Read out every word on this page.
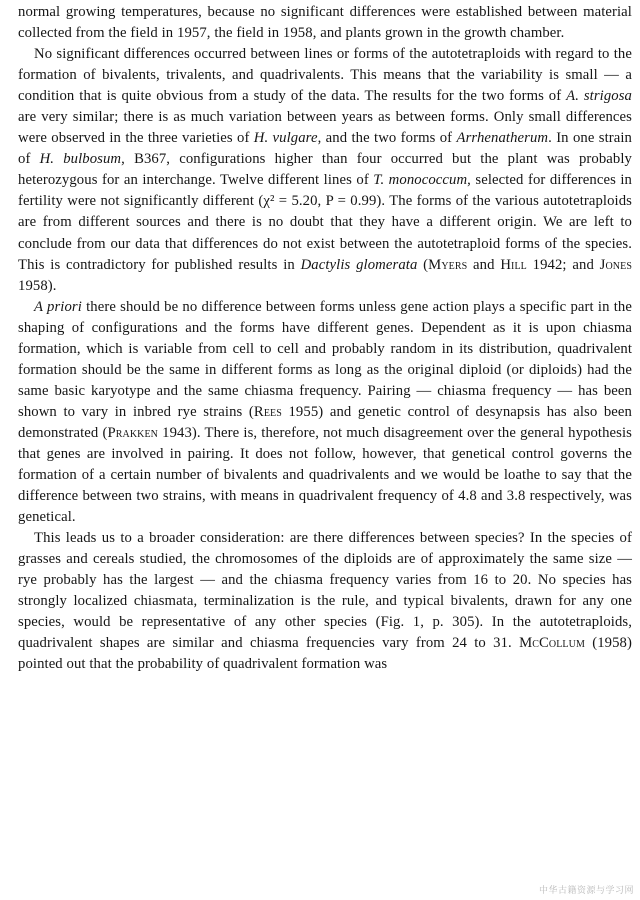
normal growing temperatures, because no significant differences were established between material collected from the field in 1957, the field in 1958, and plants grown in the growth chamber.

No significant differences occurred between lines or forms of the autotetraploids with regard to the formation of bivalents, trivalents, and quadrivalents. This means that the variability is small — a condition that is quite obvious from a study of the data. The results for the two forms of A. strigosa are very similar; there is as much variation between years as between forms. Only small differences were observed in the three varieties of H. vulgare, and the two forms of Arrhenatherum. In one strain of H. bulbosum, B367, configurations higher than four occurred but the plant was probably heterozygous for an interchange. Twelve different lines of T. monococcum, selected for differences in fertility were not significantly different (χ² = 5.20, P = 0.99). The forms of the various autotetraploids are from different sources and there is no doubt that they have a different origin. We are left to conclude from our data that differences do not exist between the autotetraploid forms of the species. This is contradictory for published results in Dactylis glomerata (Myers and Hill 1942; and Jones 1958).

A priori there should be no difference between forms unless gene action plays a specific part in the shaping of configurations and the forms have different genes. Dependent as it is upon chiasma formation, which is variable from cell to cell and probably random in its distribution, quadrivalent formation should be the same in different forms as long as the original diploid (or diploids) had the same basic karyotype and the same chiasma frequency. Pairing — chiasma frequency — has been shown to vary in inbred rye strains (Rees 1955) and genetic control of desynapsis has also been demonstrated (Prakken 1943). There is, therefore, not much disagreement over the general hypothesis that genes are involved in pairing. It does not follow, however, that genetical control governs the formation of a certain number of bivalents and quadrivalents and we would be loathe to say that the difference between two strains, with means in quadrivalent frequency of 4.8 and 3.8 respectively, was genetical.

This leads us to a broader consideration: are there differences between species? In the species of grasses and cereals studied, the chromosomes of the diploids are of approximately the same size — rye probably has the largest — and the chiasma frequency varies from 16 to 20. No species has strongly localized chiasmata, terminalization is the rule, and typical bivalents, drawn for any one species, would be representative of any other species (Fig. 1, p. 305). In the autotetraploids, quadrivalent shapes are similar and chiasma frequencies vary from 24 to 31. McCollum (1958) pointed out that the probability of quadrivalent formation was

中华古籍资源与学习网
